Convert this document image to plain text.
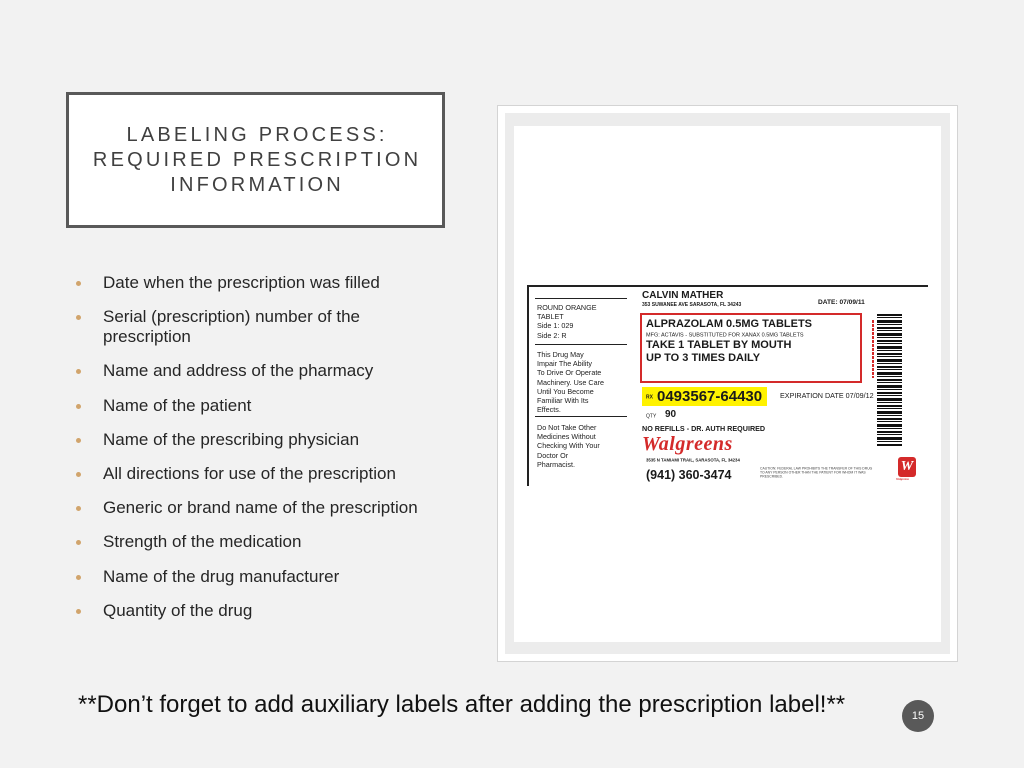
LABELING PROCESS:
REQUIRED PRESCRIPTION
INFORMATION
Date when the prescription was filled
Serial (prescription) number of the prescription
Name and address of the pharmacy
Name of the patient
Name of the prescribing physician
All directions for use of the prescription
Generic or brand name of the prescription
Strength of the medication
Name of the drug manufacturer
Quantity of the drug
ROUND ORANGE
TABLET
Side 1: 029
Side 2: R
This Drug May
Impair The Ability
To Drive Or Operate
Machinery. Use Care
Until You Become
Familiar With Its
Effects.
Do Not Take Other
Medicines Without
Checking With Your
Doctor Or
Pharmacist.
CALVIN MATHER
353 SUWANEE AVE SARASOTA, FL 34243	DATE: 07/09/11
ALPRAZOLAM 0.5MG TABLETS
MFG: ACTAVIS - SUBSTITUTED FOR XANAX 0.5MG TABLETS
TAKE 1 TABLET BY MOUTH
UP TO 3 TIMES DAILY
RX 0493567-64430 EXPIRATION DATE 07/09/12
QTY 90
NO REFILLS - DR. AUTH REQUIRED
Walgreens
3535 N TAMIAMI TRAIL, SARASOTA, FL 34234
(941) 360-3474	CAUTION: FEDERAL LAW PROHIBITS THE TRANSFER OF THIS DRUG TO ANY PERSON OTHER THAN THE PATIENT FOR WHOM IT WAS PRESCRIBED.
W
Walgreens
**Don’t forget to add auxiliary labels after adding the prescription label!**	15
